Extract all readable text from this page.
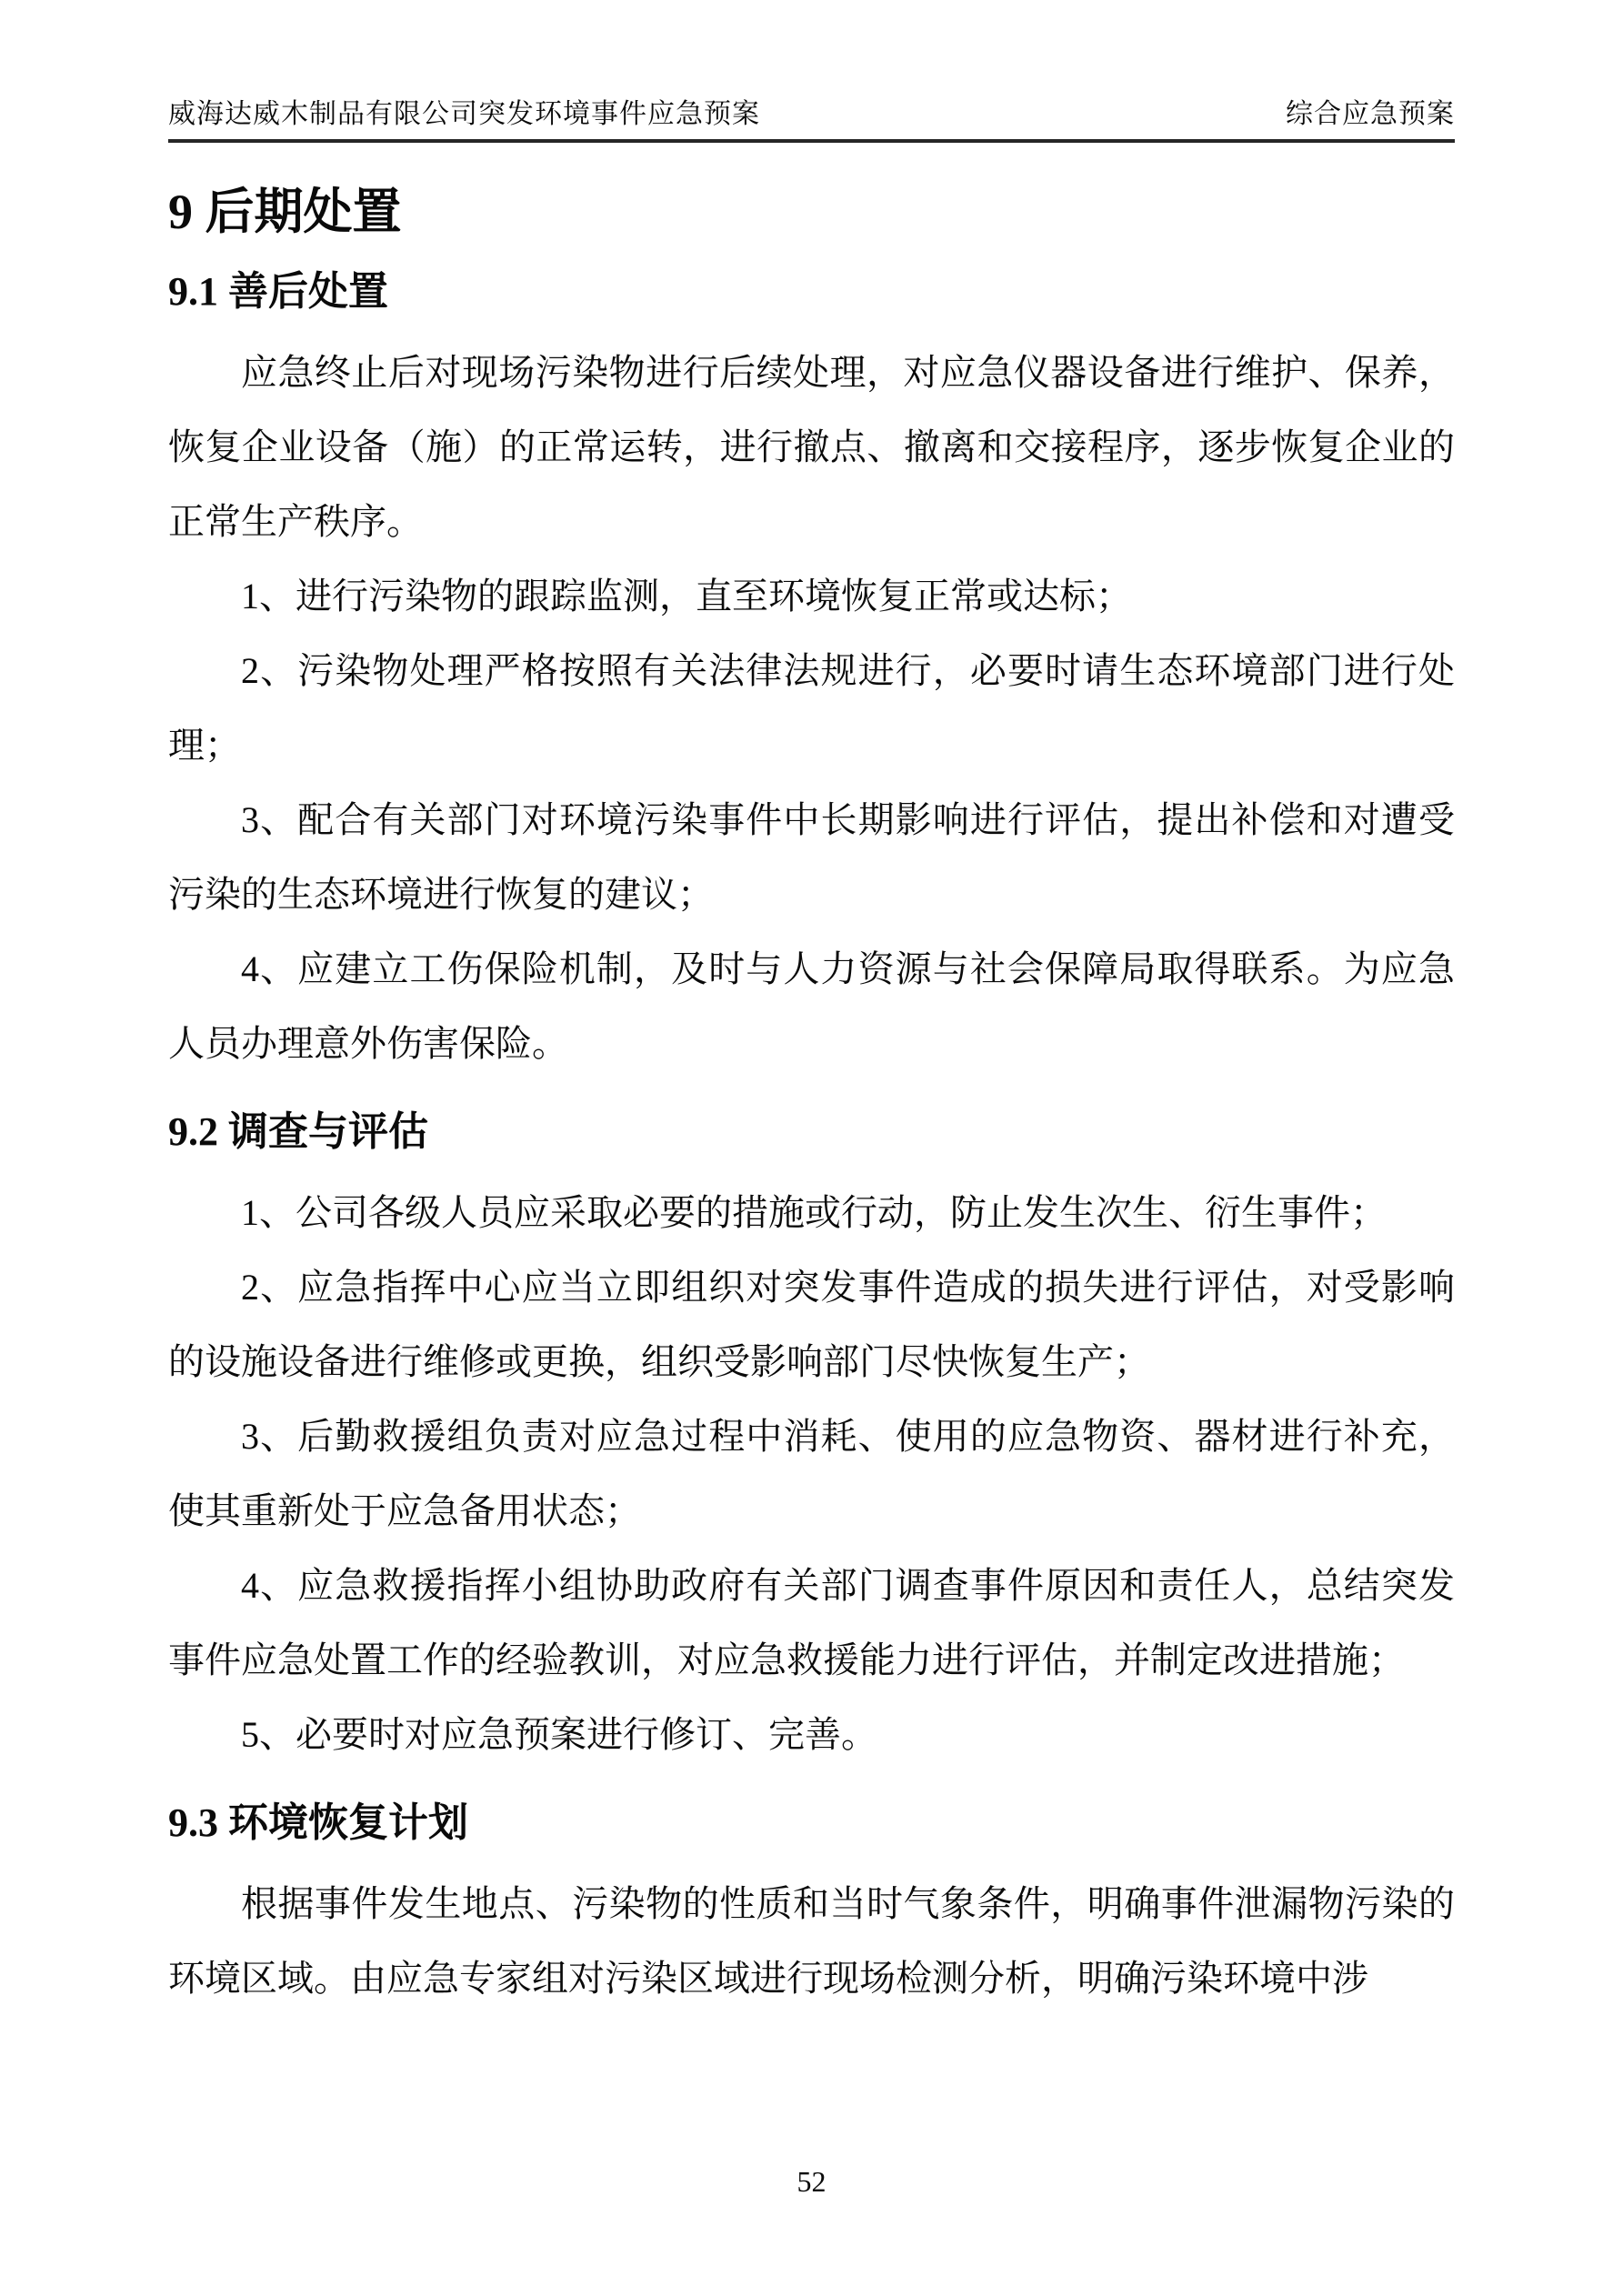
威海达威木制品有限公司突发环境事件应急预案	综合应急预案
9 后期处置
9.1 善后处置

应急终止后对现场污染物进行后续处理，对应急仪器设备进行维护、保养，恢复企业设备（施）的正常运转，进行撤点、撤离和交接程序，逐步恢复企业的正常生产秩序。

1、进行污染物的跟踪监测，直至环境恢复正常或达标；

2、污染物处理严格按照有关法律法规进行，必要时请生态环境部门进行处理；

3、配合有关部门对环境污染事件中长期影响进行评估，提出补偿和对遭受污染的生态环境进行恢复的建议；

4、应建立工伤保险机制，及时与人力资源与社会保障局取得联系。为应急人员办理意外伤害保险。

9.2 调查与评估

1、公司各级人员应采取必要的措施或行动，防止发生次生、衍生事件；

2、应急指挥中心应当立即组织对突发事件造成的损失进行评估，对受影响的设施设备进行维修或更换，组织受影响部门尽快恢复生产；

3、后勤救援组负责对应急过程中消耗、使用的应急物资、器材进行补充，使其重新处于应急备用状态；

4、应急救援指挥小组协助政府有关部门调查事件原因和责任人，总结突发事件应急处置工作的经验教训，对应急救援能力进行评估，并制定改进措施；

5、必要时对应急预案进行修订、完善。

9.3 环境恢复计划

根据事件发生地点、污染物的性质和当时气象条件，明确事件泄漏物污染的环境区域。由应急专家组对污染区域进行现场检测分析，明确污染环境中涉

52
